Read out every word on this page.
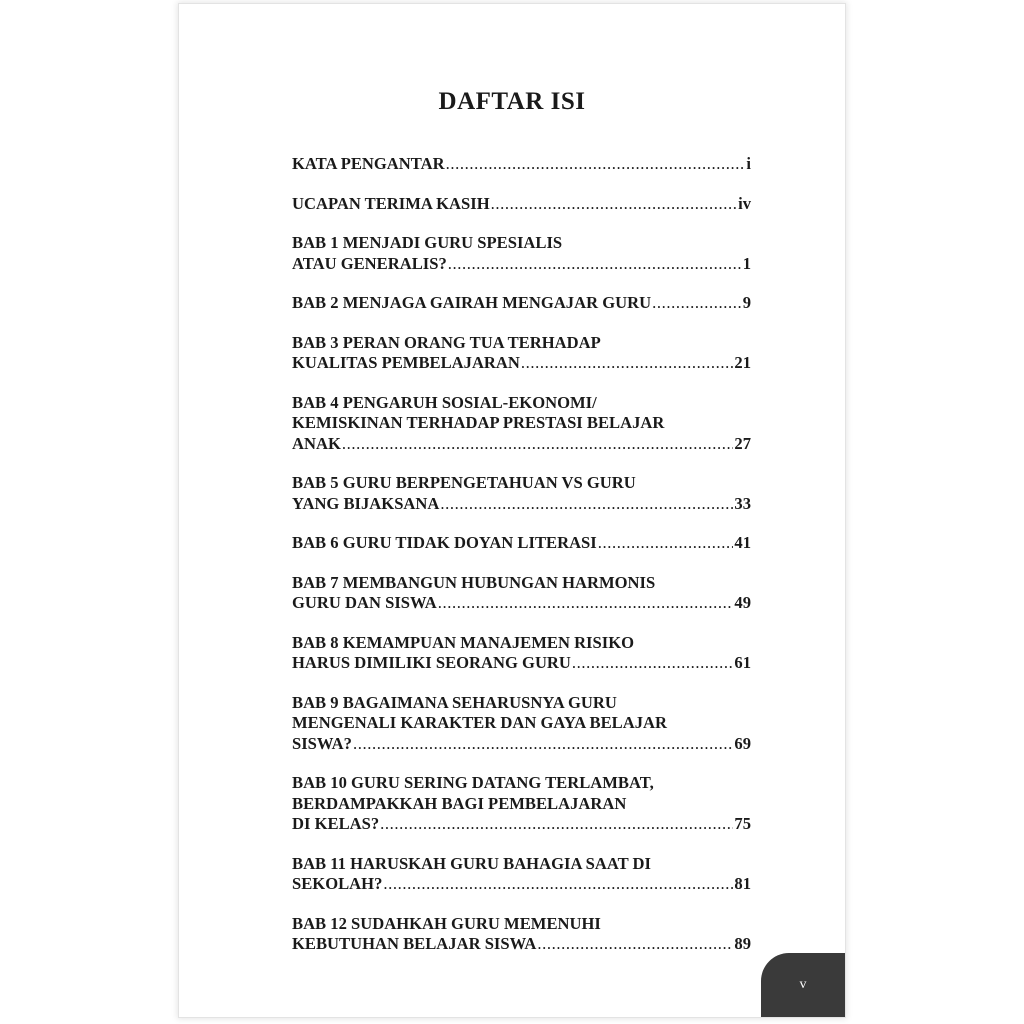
DAFTAR ISI
KATA PENGANTAR .....	i
UCAPAN TERIMA KASIH .....	iv
BAB 1 MENJADI GURU SPESIALIS
ATAU GENERALIS? .....	1
BAB 2 MENJAGA GAIRAH MENGAJAR GURU .....	9
BAB 3 PERAN ORANG TUA TERHADAP
KUALITAS PEMBELAJARAN .....	21
BAB 4 PENGARUH SOSIAL-EKONOMI/
KEMISKINAN TERHADAP PRESTASI BELAJAR
ANAK .....	27
BAB 5 GURU BERPENGETAHUAN VS GURU
YANG BIJAKSANA .....	33
BAB 6 GURU TIDAK DOYAN LITERASI .....	41
BAB 7 MEMBANGUN HUBUNGAN HARMONIS
GURU DAN SISWA .....	49
BAB 8 KEMAMPUAN MANAJEMEN RISIKO
HARUS DIMILIKI SEORANG GURU .....	61
BAB 9 BAGAIMANA SEHARUSNYA GURU
MENGENALI KARAKTER DAN GAYA BELAJAR
SISWA? .....	69
BAB 10 GURU SERING DATANG TERLAMBAT,
BERDAMPAKKAH BAGI PEMBELAJARAN
DI KELAS? .....	75
BAB 11 HARUSKAH GURU BAHAGIA SAAT DI
SEKOLAH? .....	81
BAB 12 SUDAHKAH GURU MEMENUHI
KEBUTUHAN BELAJAR SISWA .....	89
v
